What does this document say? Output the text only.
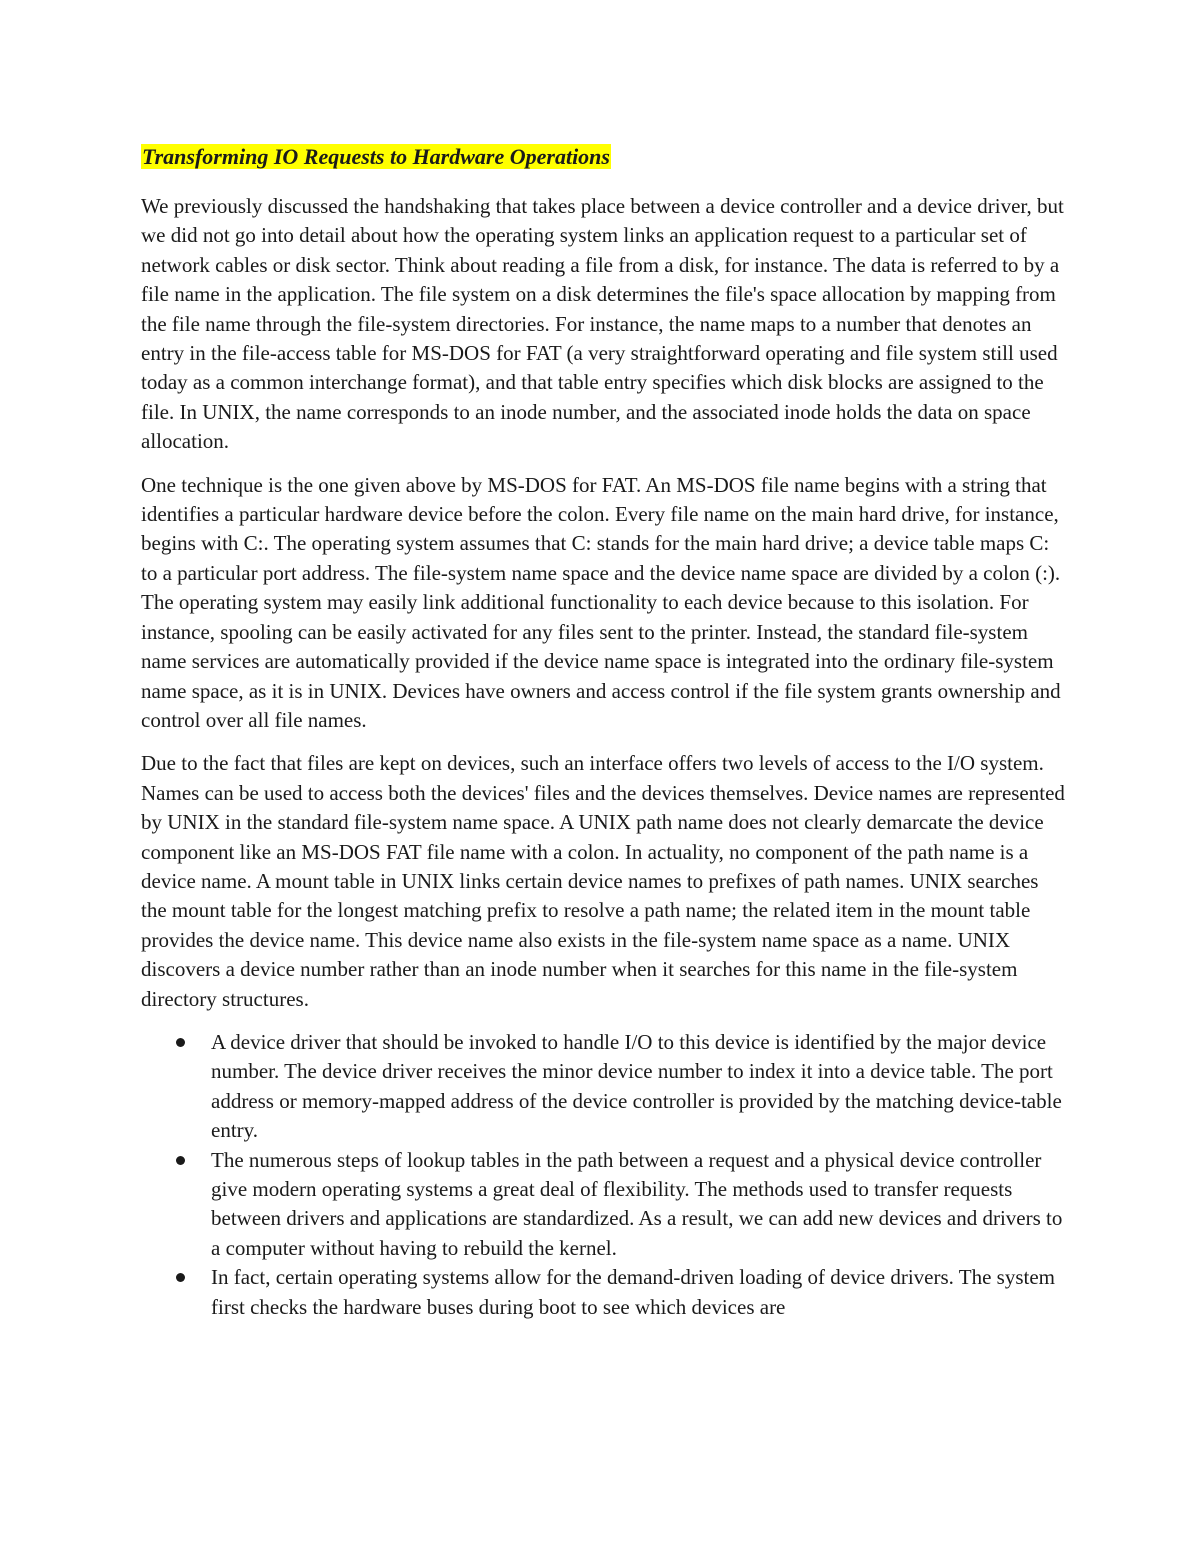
Transforming IO Requests to Hardware Operations

We previously discussed the handshaking that takes place between a device controller and a device driver, but we did not go into detail about how the operating system links an application request to a particular set of network cables or disk sector. Think about reading a file from a disk, for instance. The data is referred to by a file name in the application. The file system on a disk determines the file's space allocation by mapping from the file name through the file-system directories. For instance, the name maps to a number that denotes an entry in the file-access table for MS-DOS for FAT (a very straightforward operating and file system still used today as a common interchange format), and that table entry specifies which disk blocks are assigned to the file. In UNIX, the name corresponds to an inode number, and the associated inode holds the data on space allocation.

One technique is the one given above by MS-DOS for FAT. An MS-DOS file name begins with a string that identifies a particular hardware device before the colon. Every file name on the main hard drive, for instance, begins with C:. The operating system assumes that C: stands for the main hard drive; a device table maps C: to a particular port address. The file-system name space and the device name space are divided by a colon (:). The operating system may easily link additional functionality to each device because to this isolation. For instance, spooling can be easily activated for any files sent to the printer. Instead, the standard file-system name services are automatically provided if the device name space is integrated into the ordinary file-system name space, as it is in UNIX. Devices have owners and access control if the file system grants ownership and control over all file names.

Due to the fact that files are kept on devices, such an interface offers two levels of access to the I/O system. Names can be used to access both the devices' files and the devices themselves. Device names are represented by UNIX in the standard file-system name space. A UNIX path name does not clearly demarcate the device component like an MS-DOS FAT file name with a colon. In actuality, no component of the path name is a device name. A mount table in UNIX links certain device names to prefixes of path names. UNIX searches the mount table for the longest matching prefix to resolve a path name; the related item in the mount table provides the device name. This device name also exists in the file-system name space as a name. UNIX discovers a device number rather than an inode number when it searches for this name in the file-system directory structures.

A device driver that should be invoked to handle I/O to this device is identified by the major device number. The device driver receives the minor device number to index it into a device table. The port address or memory-mapped address of the device controller is provided by the matching device-table entry.
The numerous steps of lookup tables in the path between a request and a physical device controller give modern operating systems a great deal of flexibility. The methods used to transfer requests between drivers and applications are standardized. As a result, we can add new devices and drivers to a computer without having to rebuild the kernel.
In fact, certain operating systems allow for the demand-driven loading of device drivers. The system first checks the hardware buses during boot to see which devices are
